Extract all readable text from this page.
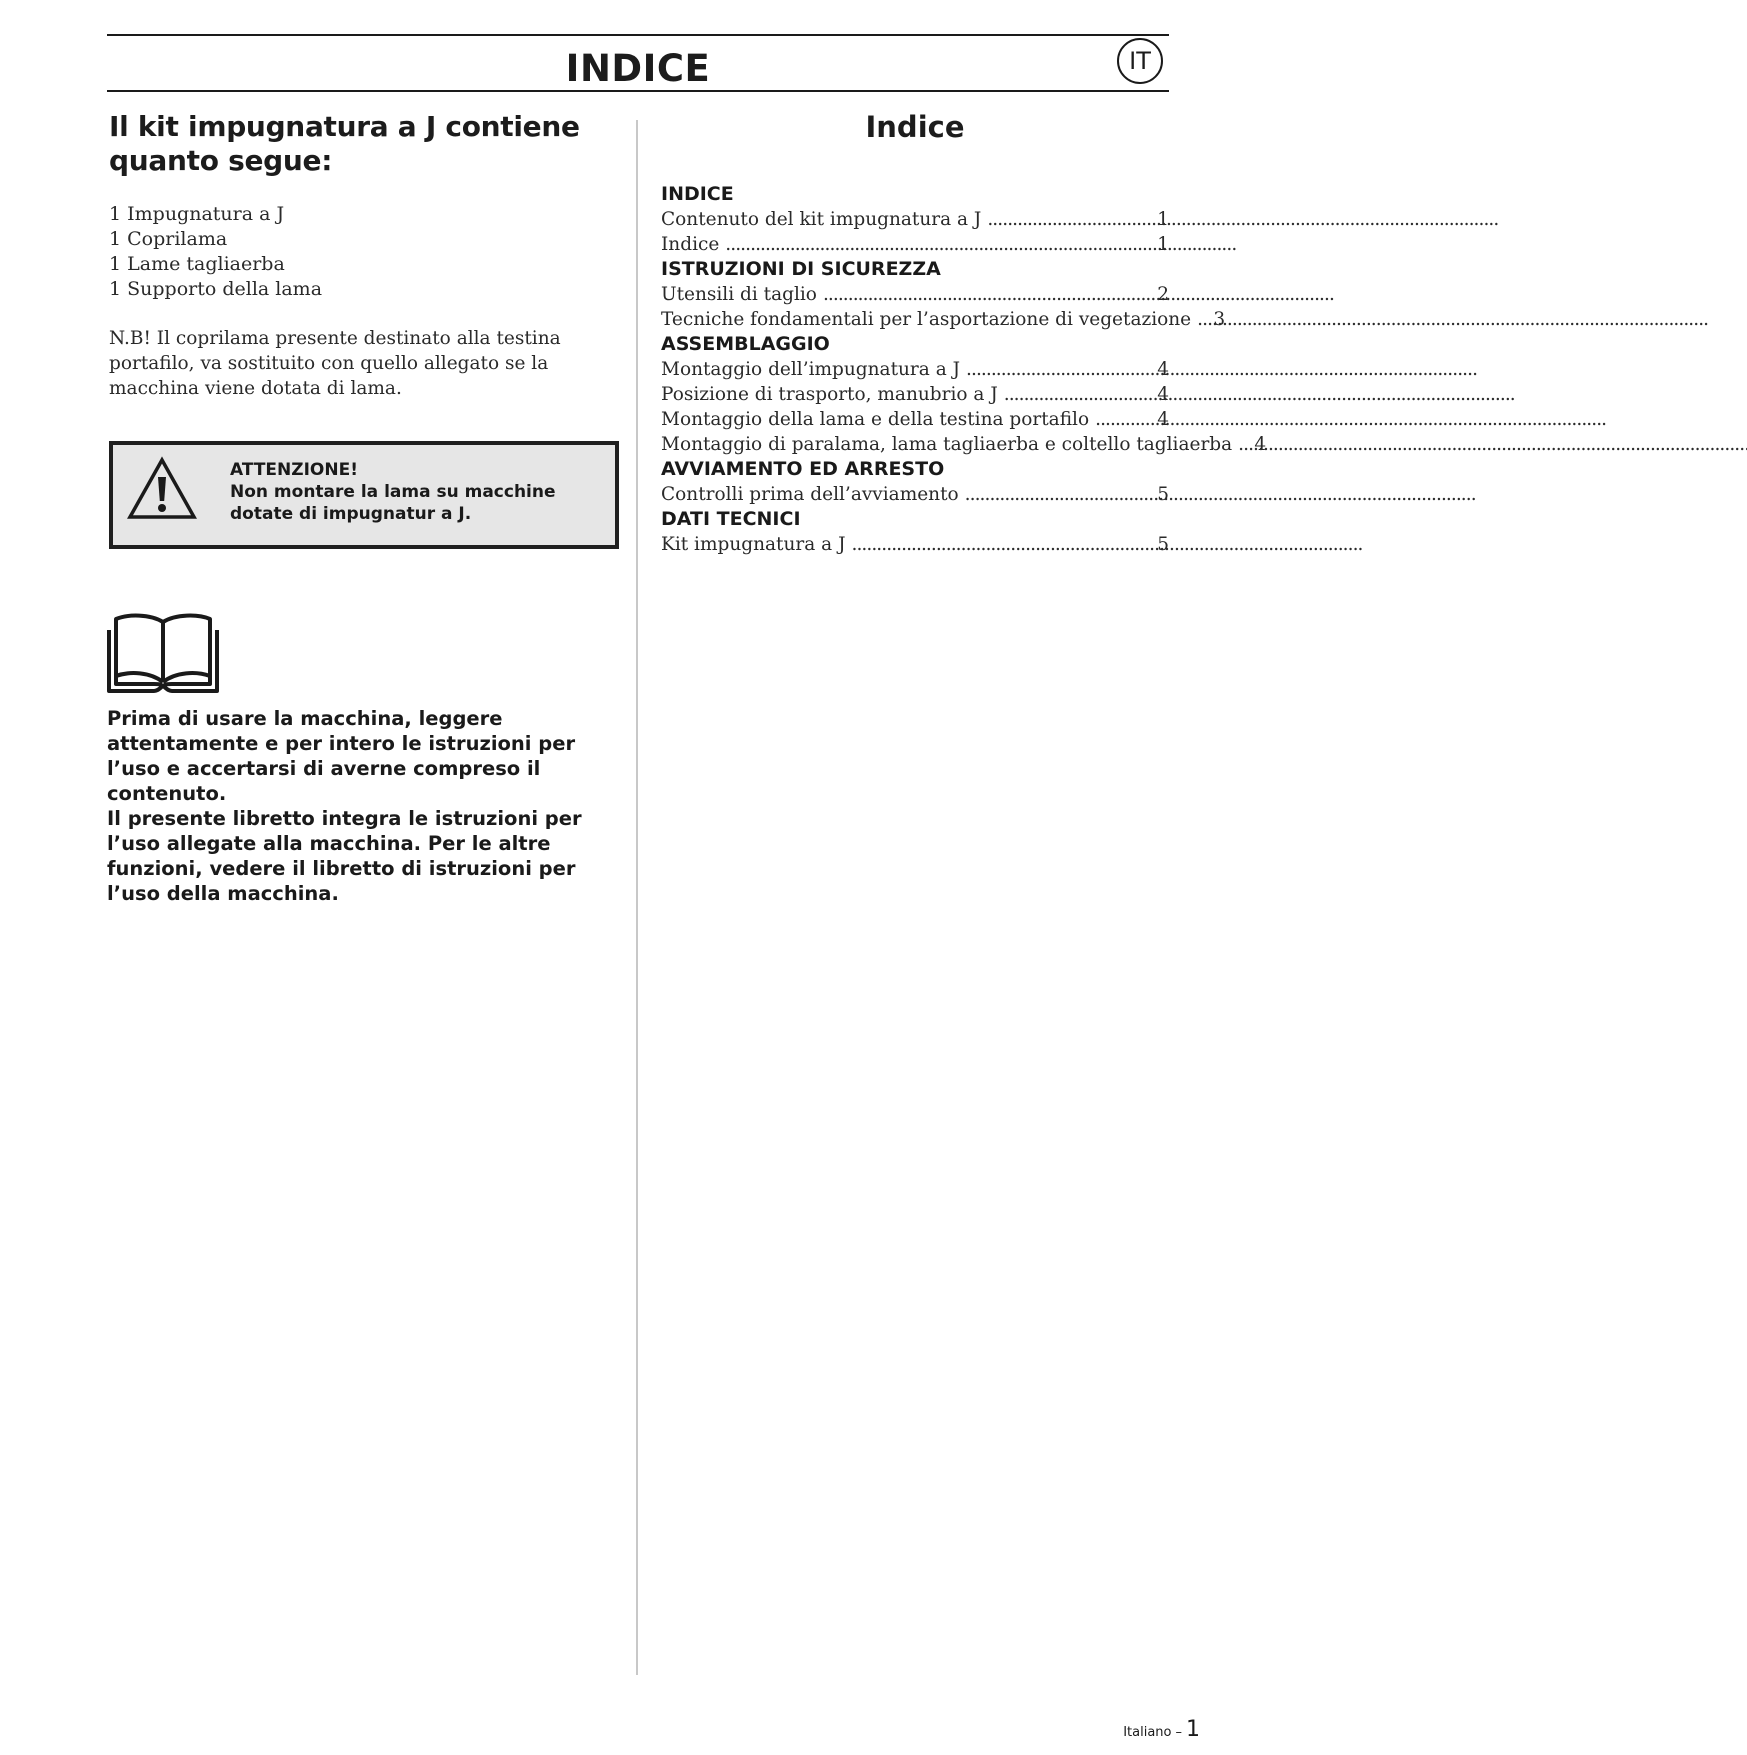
INDICE	IT
Il kit impugnatura a J contiene quanto segue:
1 Impugnatura a J
1 Coprilama
1 Lame tagliaerba
1 Supporto della lama

N.B! Il coprilama presente destinato alla testina portafilo, va sostituito con quello allegato se la macchina viene dotata di lama.

ATTENZIONE!
Non montare la lama su macchine dotate di impugnatur a J.

Prima di usare la macchina, leggere attentamente e per intero le istruzioni per l’uso e accertarsi di averne compreso il contenuto.

Il presente libretto integra le istruzioni per l’uso allegate alla macchina. Per le altre funzioni, vedere il libretto di istruzioni per l’uso della macchina.

Indice
INDICE
Contenuto del kit impugnatura a J . . .	1
Indice . . .	1
ISTRUZIONI DI SICUREZZA
Utensili di taglio . . .	2
Tecniche fondamentali per l’asportazione di vegetazione . . . 3
ASSEMBLAGGIO
Montaggio dell’impugnatura a J . . .	4
Posizione di trasporto, manubrio a J . . .	4
Montaggio della lama e della testina portafilo . . .	4
Montaggio di paralama, lama tagliaerba e coltello tagliaerba . . . 4
AVVIAMENTO ED ARRESTO
Controlli prima dell’avviamento . . .	5
DATI TECNICI
Kit impugnatura a J . . .	5
Italiano – 1
